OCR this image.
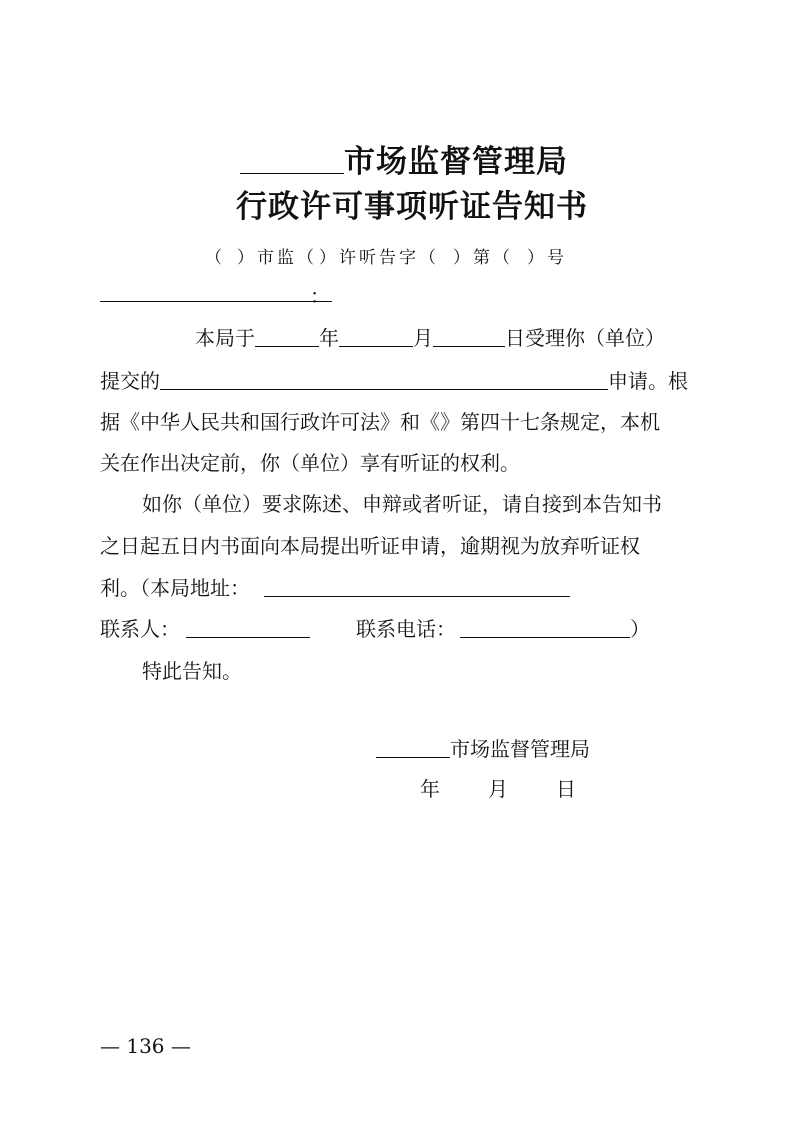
市场监督管理局
行政许可事项听证告知书
（ ）市监（ ）许听告字（ ）第（ ）号
：
本局于	年	月	日受理你（单位）
提交的	申请。根
据《中华人民共和国行政许可法》和《》第四十七条规定，本机
关在作出决定前，你（单位）享有听证的权利。
如你（单位）要求陈述、申辩或者听证，请自接到本告知书
之日起五日内书面向本局提出听证申请，逾期视为放弃听证权
利。（本局地址：
联系人：	联系电话：	）
特此告知。
市场监督管理局
年 月 日
— 136 —
